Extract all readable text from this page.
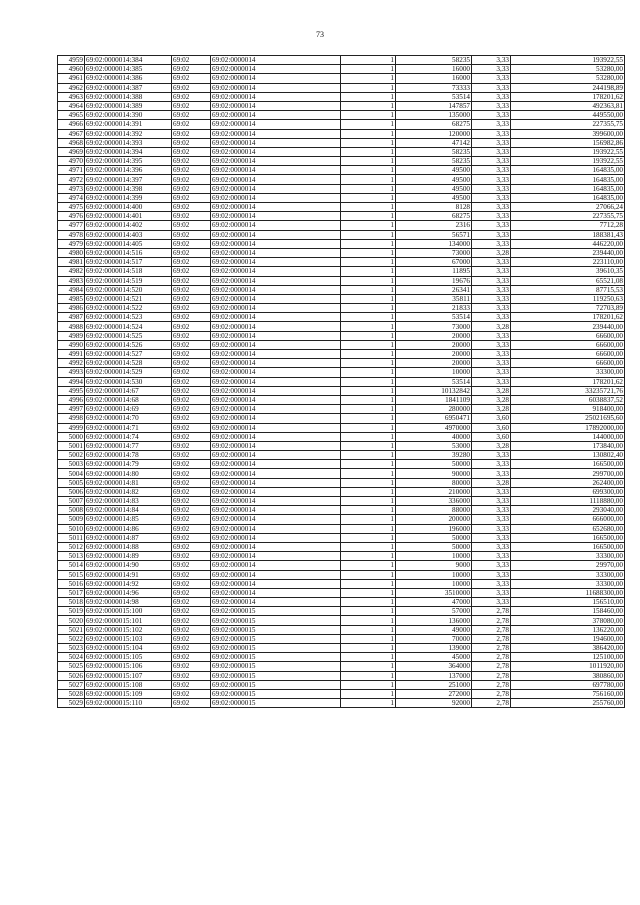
73
4959	69:02:0000014:384	69:02	69:02:0000014	1	58235	3,33	193922,55
4960	69:02:0000014:385	69:02	69:02:0000014	1	16000	3,33	53280,00
4961	69:02:0000014:386	69:02	69:02:0000014	1	16000	3,33	53280,00
4962	69:02:0000014:387	69:02	69:02:0000014	1	73333	3,33	244198,89
4963	69:02:0000014:388	69:02	69:02:0000014	1	53514	3,33	178201,62
4964	69:02:0000014:389	69:02	69:02:0000014	1	147857	3,33	492363,81
4965	69:02:0000014:390	69:02	69:02:0000014	1	135000	3,33	449550,00
4966	69:02:0000014:391	69:02	69:02:0000014	1	68275	3,33	227355,75
4967	69:02:0000014:392	69:02	69:02:0000014	1	120000	3,33	399600,00
4968	69:02:0000014:393	69:02	69:02:0000014	1	47142	3,33	156982,86
4969	69:02:0000014:394	69:02	69:02:0000014	1	58235	3,33	193922,55
4970	69:02:0000014:395	69:02	69:02:0000014	1	58235	3,33	193922,55
4971	69:02:0000014:396	69:02	69:02:0000014	1	49500	3,33	164835,00
4972	69:02:0000014:397	69:02	69:02:0000014	1	49500	3,33	164835,00
4973	69:02:0000014:398	69:02	69:02:0000014	1	49500	3,33	164835,00
4974	69:02:0000014:399	69:02	69:02:0000014	1	49500	3,33	164835,00
4975	69:02:0000014:400	69:02	69:02:0000014	1	8128	3,33	27066,24
4976	69:02:0000014:401	69:02	69:02:0000014	1	68275	3,33	227355,75
4977	69:02:0000014:402	69:02	69:02:0000014	1	2316	3,33	7712,28
4978	69:02:0000014:403	69:02	69:02:0000014	1	56571	3,33	188381,43
4979	69:02:0000014:405	69:02	69:02:0000014	1	134000	3,33	446220,00
4980	69:02:0000014:516	69:02	69:02:0000014	1	73000	3,28	239440,00
4981	69:02:0000014:517	69:02	69:02:0000014	1	67000	3,33	223110,00
4982	69:02:0000014:518	69:02	69:02:0000014	1	11895	3,33	39610,35
4983	69:02:0000014:519	69:02	69:02:0000014	1	19676	3,33	65521,08
4984	69:02:0000014:520	69:02	69:02:0000014	1	26341	3,33	87715,53
4985	69:02:0000014:521	69:02	69:02:0000014	1	35811	3,33	119250,63
4986	69:02:0000014:522	69:02	69:02:0000014	1	21833	3,33	72703,89
4987	69:02:0000014:523	69:02	69:02:0000014	1	53514	3,33	178201,62
4988	69:02:0000014:524	69:02	69:02:0000014	1	73000	3,28	239440,00
4989	69:02:0000014:525	69:02	69:02:0000014	1	20000	3,33	66600,00
4990	69:02:0000014:526	69:02	69:02:0000014	1	20000	3,33	66600,00
4991	69:02:0000014:527	69:02	69:02:0000014	1	20000	3,33	66600,00
4992	69:02:0000014:528	69:02	69:02:0000014	1	20000	3,33	66600,00
4993	69:02:0000014:529	69:02	69:02:0000014	1	10000	3,33	33300,00
4994	69:02:0000014:530	69:02	69:02:0000014	1	53514	3,33	178201,62
4995	69:02:0000014:67	69:02	69:02:0000014	1	10132842	3,28	33235721,76
4996	69:02:0000014:68	69:02	69:02:0000014	1	1841109	3,28	6038837,52
4997	69:02:0000014:69	69:02	69:02:0000014	1	280000	3,28	918400,00
4998	69:02:0000014:70	69:02	69:02:0000014	1	6950471	3,60	25021695,60
4999	69:02:0000014:71	69:02	69:02:0000014	1	4970000	3,60	17892000,00
5000	69:02:0000014:74	69:02	69:02:0000014	1	40000	3,60	144000,00
5001	69:02:0000014:77	69:02	69:02:0000014	1	53000	3,28	173840,00
5002	69:02:0000014:78	69:02	69:02:0000014	1	39280	3,33	130802,40
5003	69:02:0000014:79	69:02	69:02:0000014	1	50000	3,33	166500,00
5004	69:02:0000014:80	69:02	69:02:0000014	1	90000	3,33	299700,00
5005	69:02:0000014:81	69:02	69:02:0000014	1	80000	3,28	262400,00
5006	69:02:0000014:82	69:02	69:02:0000014	1	210000	3,33	699300,00
5007	69:02:0000014:83	69:02	69:02:0000014	1	336000	3,33	1118880,00
5008	69:02:0000014:84	69:02	69:02:0000014	1	88000	3,33	293040,00
5009	69:02:0000014:85	69:02	69:02:0000014	1	200000	3,33	666000,00
5010	69:02:0000014:86	69:02	69:02:0000014	1	196000	3,33	652680,00
5011	69:02:0000014:87	69:02	69:02:0000014	1	50000	3,33	166500,00
5012	69:02:0000014:88	69:02	69:02:0000014	1	50000	3,33	166500,00
5013	69:02:0000014:89	69:02	69:02:0000014	1	10000	3,33	33300,00
5014	69:02:0000014:90	69:02	69:02:0000014	1	9000	3,33	29970,00
5015	69:02:0000014:91	69:02	69:02:0000014	1	10000	3,33	33300,00
5016	69:02:0000014:92	69:02	69:02:0000014	1	10000	3,33	33300,00
5017	69:02:0000014:96	69:02	69:02:0000014	1	3510000	3,33	11688300,00
5018	69:02:0000014:98	69:02	69:02:0000014	1	47000	3,33	156510,00
5019	69:02:0000015:100	69:02	69:02:0000015	1	57000	2,78	158460,00
5020	69:02:0000015:101	69:02	69:02:0000015	1	136000	2,78	378080,00
5021	69:02:0000015:102	69:02	69:02:0000015	1	49000	2,78	136220,00
5022	69:02:0000015:103	69:02	69:02:0000015	1	70000	2,78	194600,00
5023	69:02:0000015:104	69:02	69:02:0000015	1	139000	2,78	386420,00
5024	69:02:0000015:105	69:02	69:02:0000015	1	45000	2,78	125100,00
5025	69:02:0000015:106	69:02	69:02:0000015	1	364000	2,78	1011920,00
5026	69:02:0000015:107	69:02	69:02:0000015	1	137000	2,78	380860,00
5027	69:02:0000015:108	69:02	69:02:0000015	1	251000	2,78	697780,00
5028	69:02:0000015:109	69:02	69:02:0000015	1	272000	2,78	756160,00
5029	69:02:0000015:110	69:02	69:02:0000015	1	92000	2,78	255760,00
